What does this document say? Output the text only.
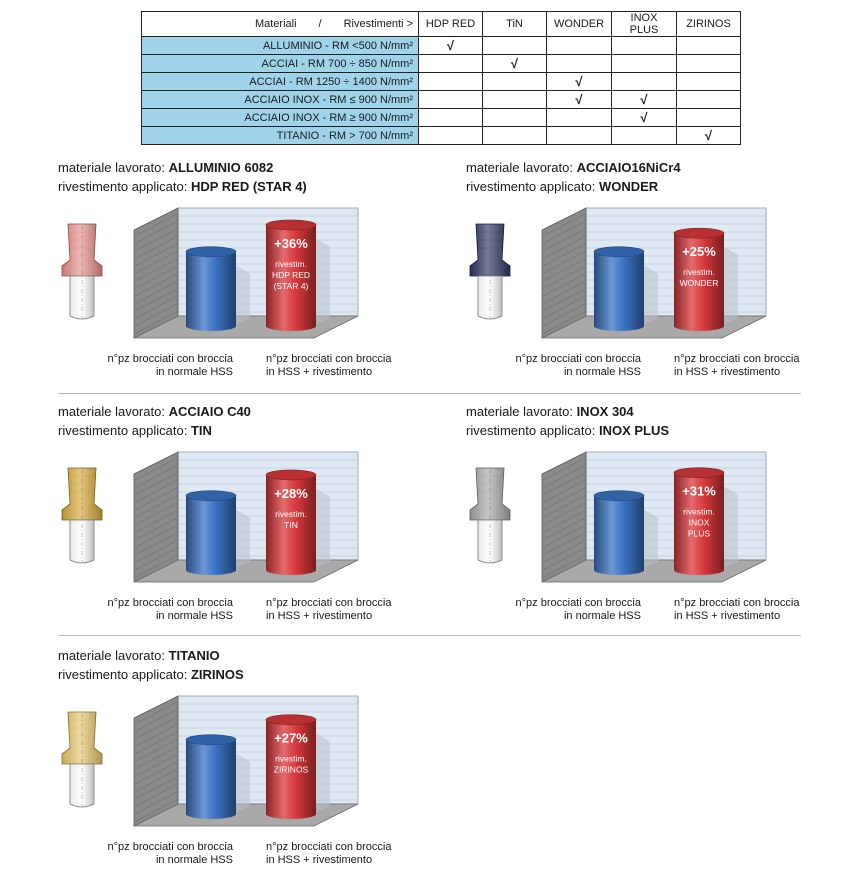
Materiali / Rivestimenti >	HDP RED	TiN	WONDER	INOX PLUS	ZIRINOS
ALLUMINIO - RM <500 N/mm²	√				
ACCIAI - RM 700 ÷ 850 N/mm²		√			
ACCIAI - RM 1250 ÷ 1400 N/mm²			√		
ACCIAIO INOX - RM ≤ 900 N/mm²			√	√	
ACCIAIO INOX - RM ≥ 900 N/mm²				√	
TITANIO - RM > 700 N/mm²					√
materiale lavorato: ALLUMINIO 6082
rivestimento applicato: HDP RED (STAR 4)
+36%
rivestim.
HDP RED
(STAR 4)
n°pz brocciati con broccia
in normale HSS
n°pz brocciati con broccia
in HSS + rivestimento
materiale lavorato: ACCIAIO16NiCr4
rivestimento applicato: WONDER
+25%
rivestim.
WONDER
n°pz brocciati con broccia
in normale HSS
n°pz brocciati con broccia
in HSS + rivestimento
materiale lavorato: ACCIAIO C40
rivestimento applicato: TIN
+28%
rivestim.
TIN
n°pz brocciati con broccia
in normale HSS
n°pz brocciati con broccia
in HSS + rivestimento
materiale lavorato: INOX 304
rivestimento applicato: INOX PLUS
+31%
rivestim.
INOX
PLUS
n°pz brocciati con broccia
in normale HSS
n°pz brocciati con broccia
in HSS + rivestimento
materiale lavorato: TITANIO
rivestimento applicato: ZIRINOS
+27%
rivestim.
ZIRINOS
n°pz brocciati con broccia
in normale HSS
n°pz brocciati con broccia
in HSS + rivestimento
